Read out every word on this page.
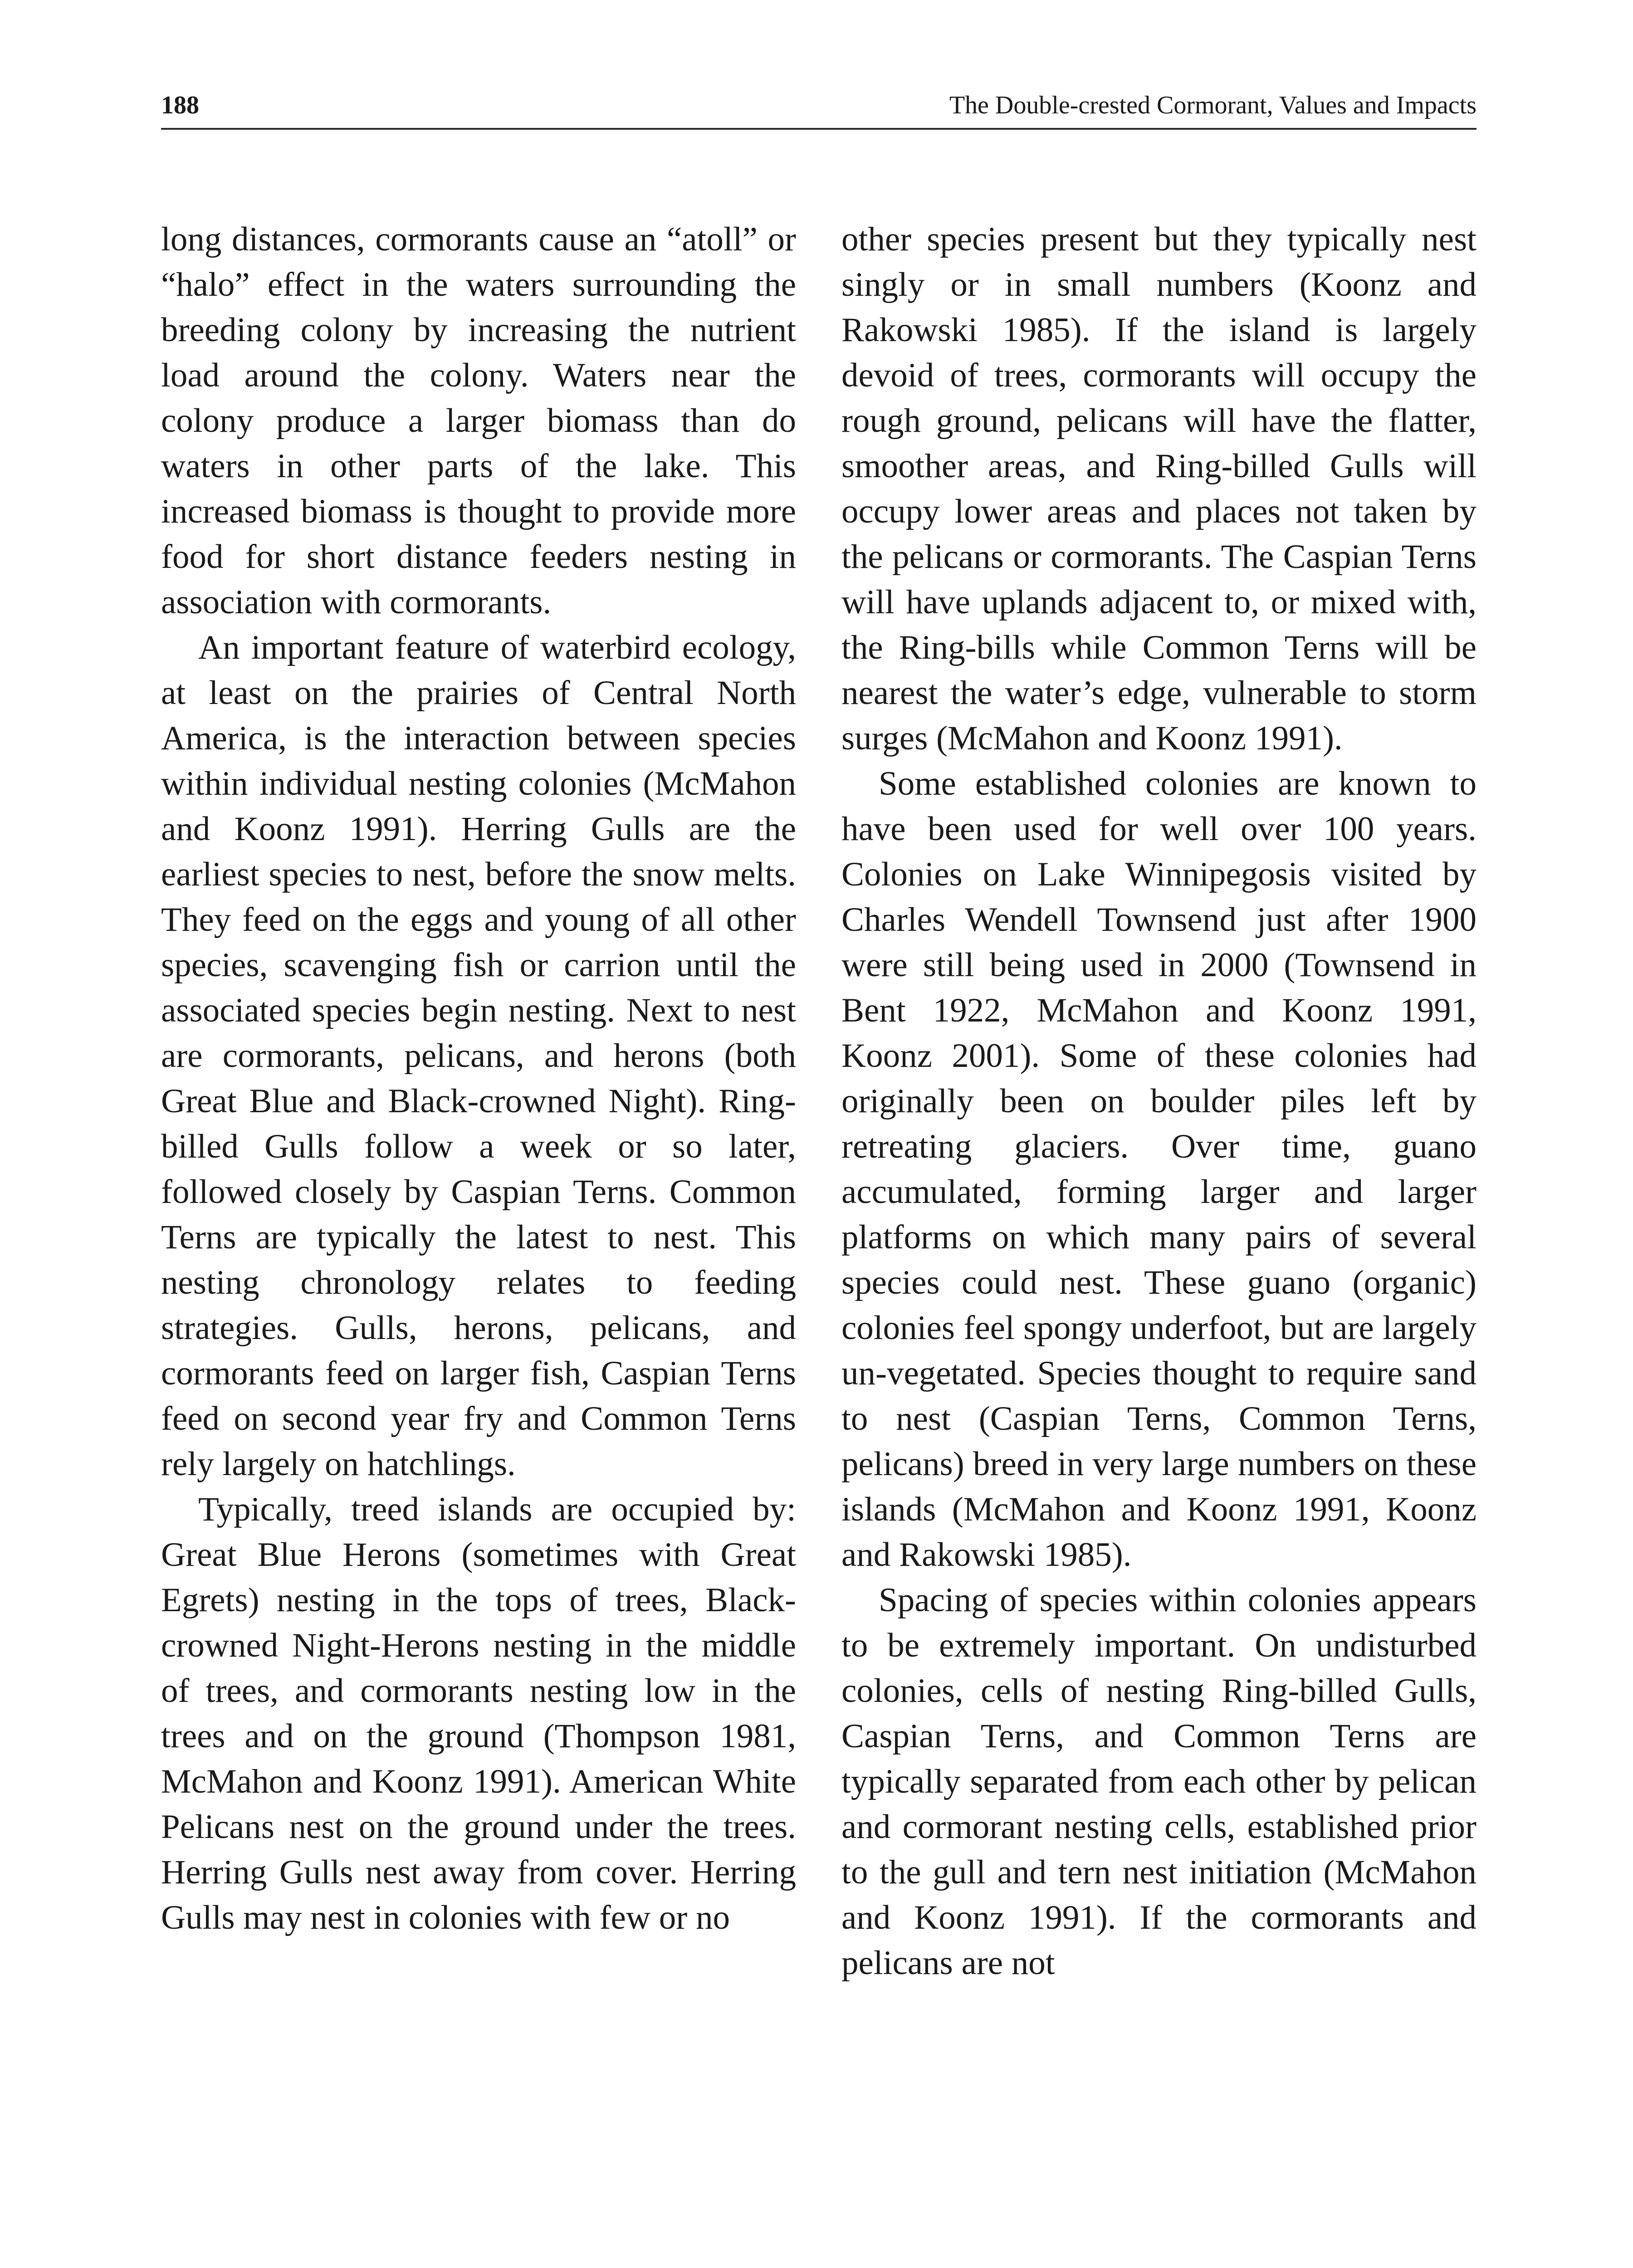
188	The Double-crested Cormorant, Values and Impacts

long distances, cormorants cause an “atoll” or “halo” effect in the waters surrounding the breeding colony by increasing the nutrient load around the colony. Waters near the colony produce a larger biomass than do waters in other parts of the lake. This increased biomass is thought to provide more food for short distance feeders nesting in association with cormorants.

An important feature of waterbird ecology, at least on the prairies of Central North America, is the interaction between species within individual nesting colonies (McMahon and Koonz 1991). Herring Gulls are the earliest species to nest, before the snow melts. They feed on the eggs and young of all other species, scavenging fish or carrion until the associated species begin nesting. Next to nest are cormorants, pelicans, and herons (both Great Blue and Black-crowned Night). Ring-billed Gulls follow a week or so later, followed closely by Caspian Terns. Common Terns are typically the latest to nest. This nesting chronology relates to feeding strategies. Gulls, herons, pelicans, and cormorants feed on larger fish, Caspian Terns feed on second year fry and Common Terns rely largely on hatchlings.

Typically, treed islands are occupied by: Great Blue Herons (sometimes with Great Egrets) nesting in the tops of trees, Black-crowned Night-Herons nesting in the middle of trees, and cormorants nesting low in the trees and on the ground (Thompson 1981, McMahon and Koonz 1991). American White Pelicans nest on the ground under the trees. Herring Gulls nest away from cover. Herring Gulls may nest in colonies with few or no

other species present but they typically nest singly or in small numbers (Koonz and Rakowski 1985). If the island is largely devoid of trees, cormorants will occupy the rough ground, pelicans will have the flatter, smoother areas, and Ring-billed Gulls will occupy lower areas and places not taken by the pelicans or cormorants. The Caspian Terns will have uplands adjacent to, or mixed with, the Ring-bills while Common Terns will be nearest the water’s edge, vulnerable to storm surges (McMahon and Koonz 1991).

Some established colonies are known to have been used for well over 100 years. Colonies on Lake Winnipegosis visited by Charles Wendell Townsend just after 1900 were still being used in 2000 (Townsend in Bent 1922, McMahon and Koonz 1991, Koonz 2001). Some of these colonies had originally been on boulder piles left by retreating glaciers. Over time, guano accumulated, forming larger and larger platforms on which many pairs of several species could nest. These guano (organic) colonies feel spongy underfoot, but are largely un-vegetated. Species thought to require sand to nest (Caspian Terns, Common Terns, pelicans) breed in very large numbers on these islands (McMahon and Koonz 1991, Koonz and Rakowski 1985).

Spacing of species within colonies appears to be extremely important. On undisturbed colonies, cells of nesting Ring-billed Gulls, Caspian Terns, and Common Terns are typically separated from each other by pelican and cormorant nesting cells, established prior to the gull and tern nest initiation (McMahon and Koonz 1991). If the cormorants and pelicans are not
